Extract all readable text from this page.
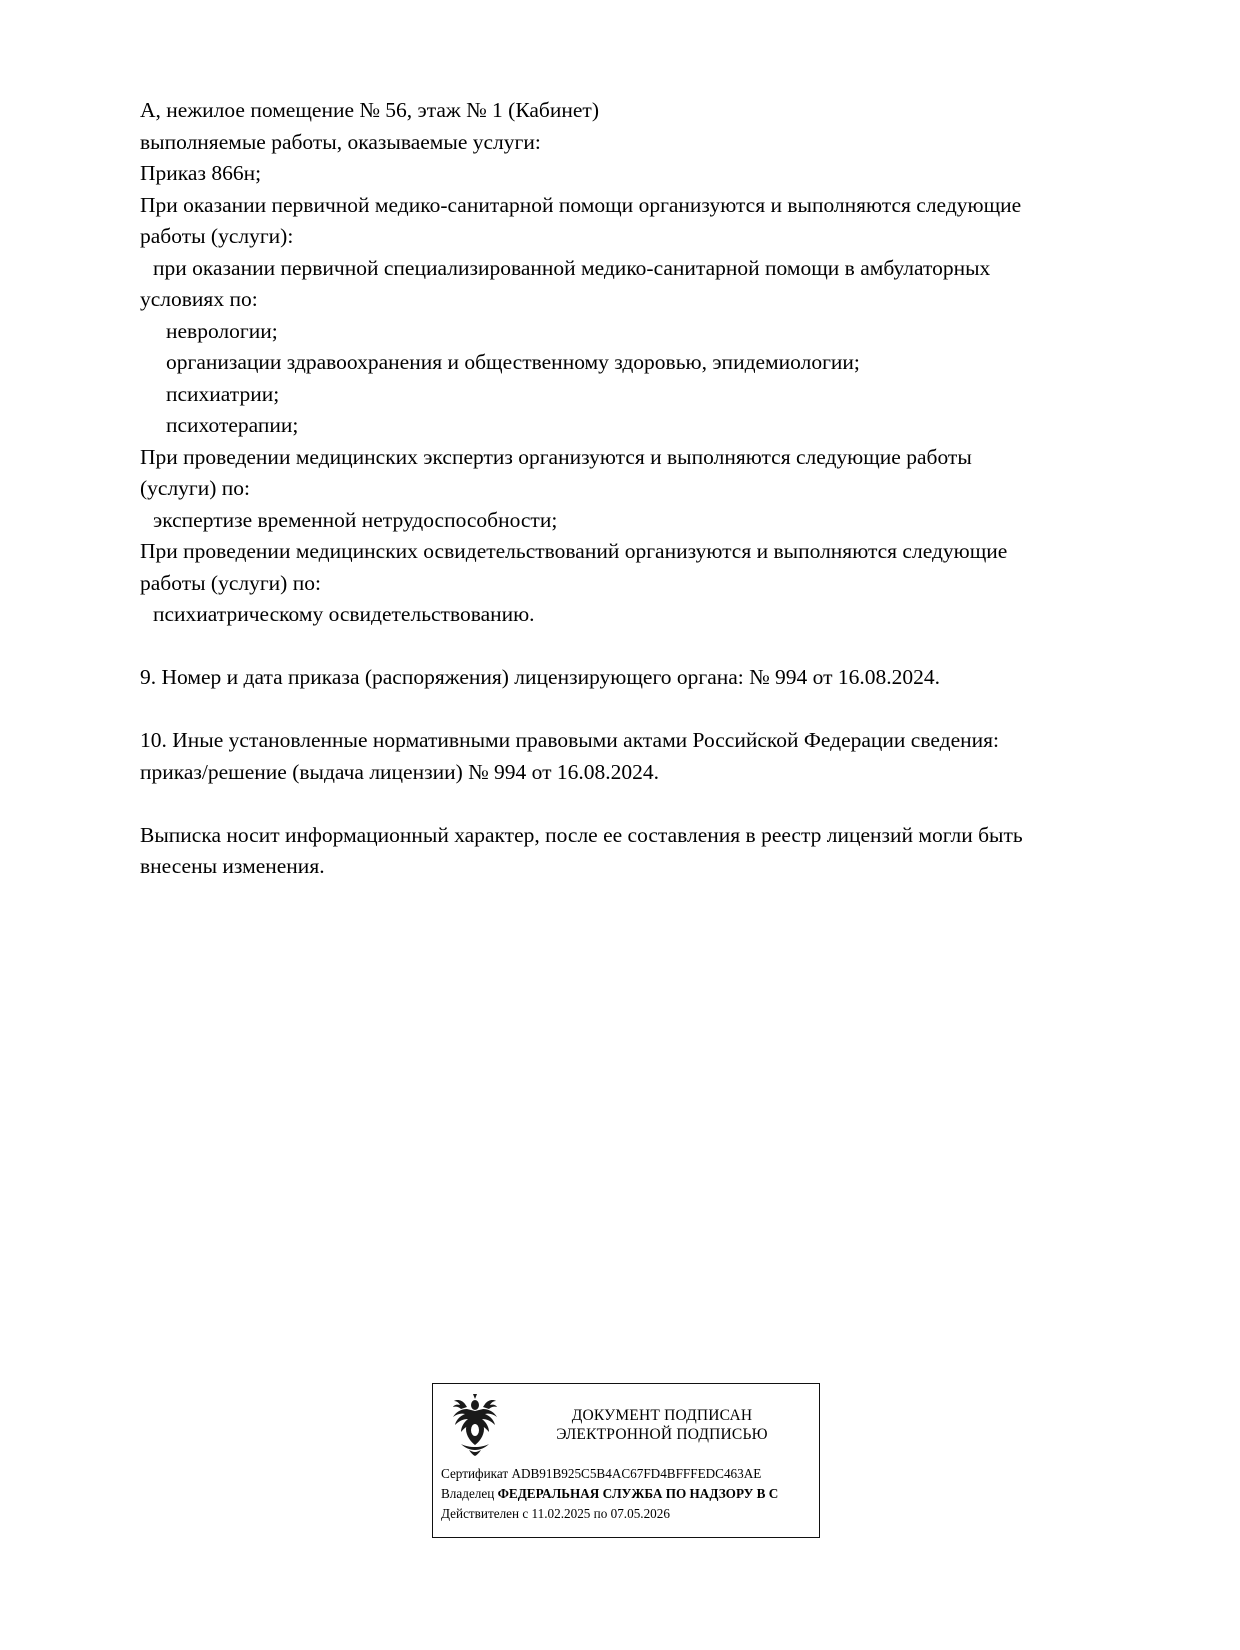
А, нежилое помещение № 56, этаж № 1 (Кабинет)
выполняемые работы, оказываемые услуги:
Приказ 866н;
При оказании первичной медико-санитарной помощи организуются и выполняются следующие
работы (услуги):
при оказании первичной специализированной медико-санитарной помощи в амбулаторных
условиях по:
неврологии;
организации здравоохранения и общественному здоровью, эпидемиологии;
психиатрии;
психотерапии;
При проведении медицинских экспертиз организуются и выполняются следующие работы
(услуги) по:
экспертизе временной нетрудоспособности;
При проведении медицинских освидетельствований организуются и выполняются следующие
работы (услуги) по:
психиатрическому освидетельствованию.
9. Номер и дата приказа (распоряжения) лицензирующего органа: № 994 от 16.08.2024.
10. Иные установленные нормативными правовыми актами Российской Федерации сведения:
приказ/решение (выдача лицензии) № 994 от 16.08.2024.
Выписка носит информационный характер, после ее составления в реестр лицензий могли быть
внесены изменения.
ДОКУМЕНТ ПОДПИСАН
ЭЛЕКТРОННОЙ ПОДПИСЬЮ
Сертификат ADB91B925C5B4AC67FD4BFFFEDC463AE
Владелец ФЕДЕРАЛЬНАЯ СЛУЖБА ПО НАДЗОРУ В С
Действителен с 11.02.2025 по 07.05.2026
